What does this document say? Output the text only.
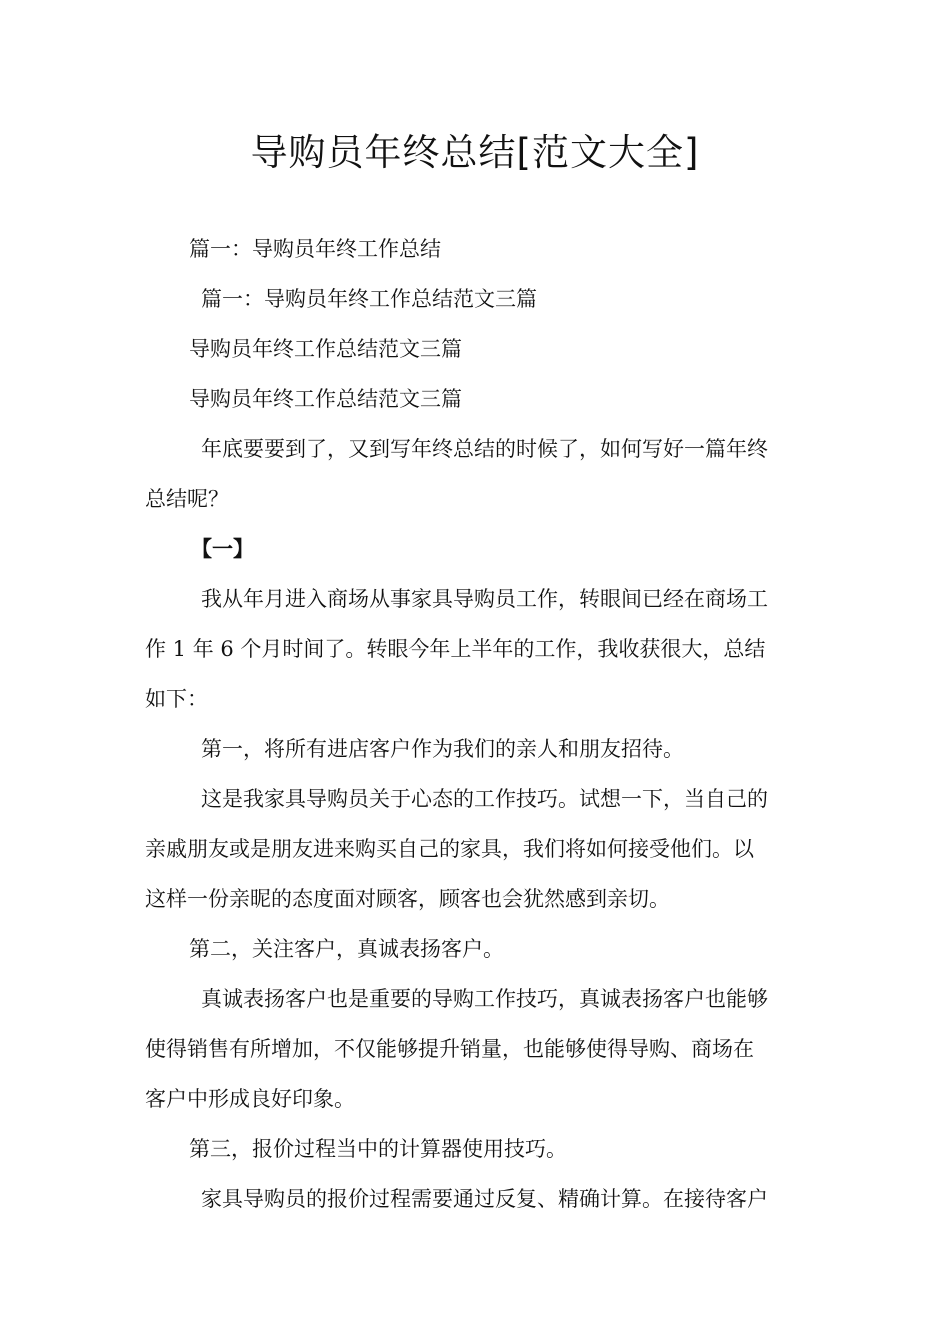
导购员年终总结[范文大全]
篇一：导购员年终工作总结
篇一：导购员年终工作总结范文三篇
导购员年终工作总结范文三篇
导购员年终工作总结范文三篇
年底要要到了，又到写年终总结的时候了，如何写好一篇年终
总结呢？
【一】
我从年月进入商场从事家具导购员工作，转眼间已经在商场工
作 1 年 6 个月时间了。转眼今年上半年的工作，我收获很大，总结
如下：
第一，将所有进店客户作为我们的亲人和朋友招待。
这是我家具导购员关于心态的工作技巧。试想一下，当自己的
亲戚朋友或是朋友进来购买自己的家具，我们将如何接受他们。以
这样一份亲昵的态度面对顾客，顾客也会犹然感到亲切。
第二，关注客户，真诚表扬客户。
真诚表扬客户也是重要的导购工作技巧，真诚表扬客户也能够
使得销售有所增加，不仅能够提升销量，也能够使得导购、商场在
客户中形成良好印象。
第三，报价过程当中的计算器使用技巧。
家具导购员的报价过程需要通过反复、精确计算。在接待客户
